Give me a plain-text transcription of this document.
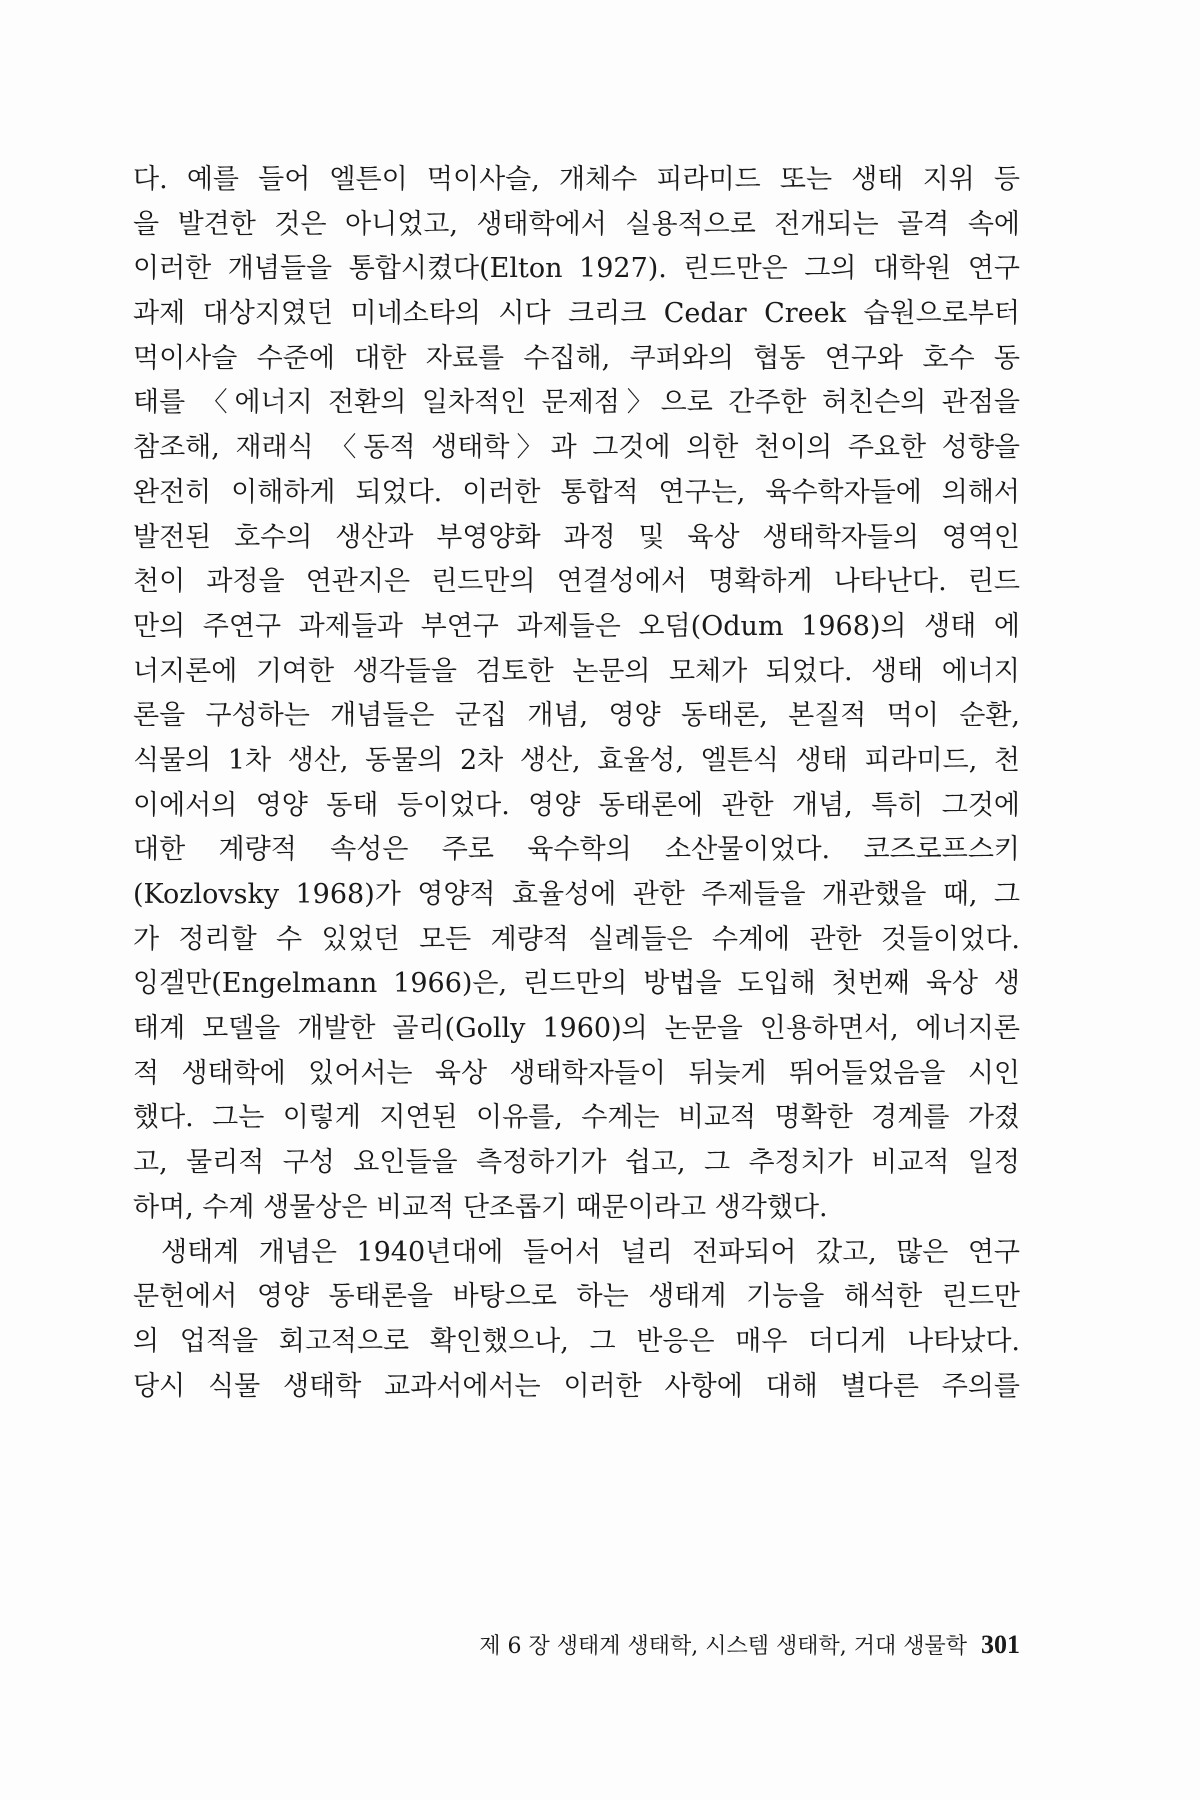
다. 예를 들어 엘튼이 먹이사슬, 개체수 피라미드 또는 생태 지위 등
을 발견한 것은 아니었고, 생태학에서 실용적으로 전개되는 골격 속에
이러한 개념들을 통합시켰다(Elton 1927). 린드만은 그의 대학원 연구
과제 대상지였던 미네소타의 시다 크리크 Cedar Creek 습원으로부터
먹이사슬 수준에 대한 자료를 수집해, 쿠퍼와의 협동 연구와 호수 동
태를 〈에너지 전환의 일차적인 문제점〉으로 간주한 허친슨의 관점을
참조해, 재래식 〈동적 생태학〉과 그것에 의한 천이의 주요한 성향을
완전히 이해하게 되었다. 이러한 통합적 연구는, 육수학자들에 의해서
발전된 호수의 생산과 부영양화 과정 및 육상 생태학자들의 영역인
천이 과정을 연관지은 린드만의 연결성에서 명확하게 나타난다. 린드
만의 주연구 과제들과 부연구 과제들은 오덤(Odum 1968)의 생태 에
너지론에 기여한 생각들을 검토한 논문의 모체가 되었다. 생태 에너지
론을 구성하는 개념들은 군집 개념, 영양 동태론, 본질적 먹이 순환,
식물의 1차 생산, 동물의 2차 생산, 효율성, 엘튼식 생태 피라미드, 천
이에서의 영양 동태 등이었다. 영양 동태론에 관한 개념, 특히 그것에
대한 계량적 속성은 주로 육수학의 소산물이었다. 코즈로프스키
(Kozlovsky 1968)가 영양적 효율성에 관한 주제들을 개관했을 때, 그
가 정리할 수 있었던 모든 계량적 실례들은 수계에 관한 것들이었다.
잉겔만(Engelmann 1966)은, 린드만의 방법을 도입해 첫번째 육상 생
태계 모델을 개발한 골리(Golly 1960)의 논문을 인용하면서, 에너지론
적 생태학에 있어서는 육상 생태학자들이 뒤늦게 뛰어들었음을 시인
했다. 그는 이렇게 지연된 이유를, 수계는 비교적 명확한 경계를 가졌
고, 물리적 구성 요인들을 측정하기가 쉽고, 그 추정치가 비교적 일정
하며, 수계 생물상은 비교적 단조롭기 때문이라고 생각했다.
생태계 개념은 1940년대에 들어서 널리 전파되어 갔고, 많은 연구
문헌에서 영양 동태론을 바탕으로 하는 생태계 기능을 해석한 린드만
의 업적을 회고적으로 확인했으나, 그 반응은 매우 더디게 나타났다.
당시 식물 생태학 교과서에서는 이러한 사항에 대해 별다른 주의를
제 6 장 생태계 생태학, 시스템 생태학, 거대 생물학 301
